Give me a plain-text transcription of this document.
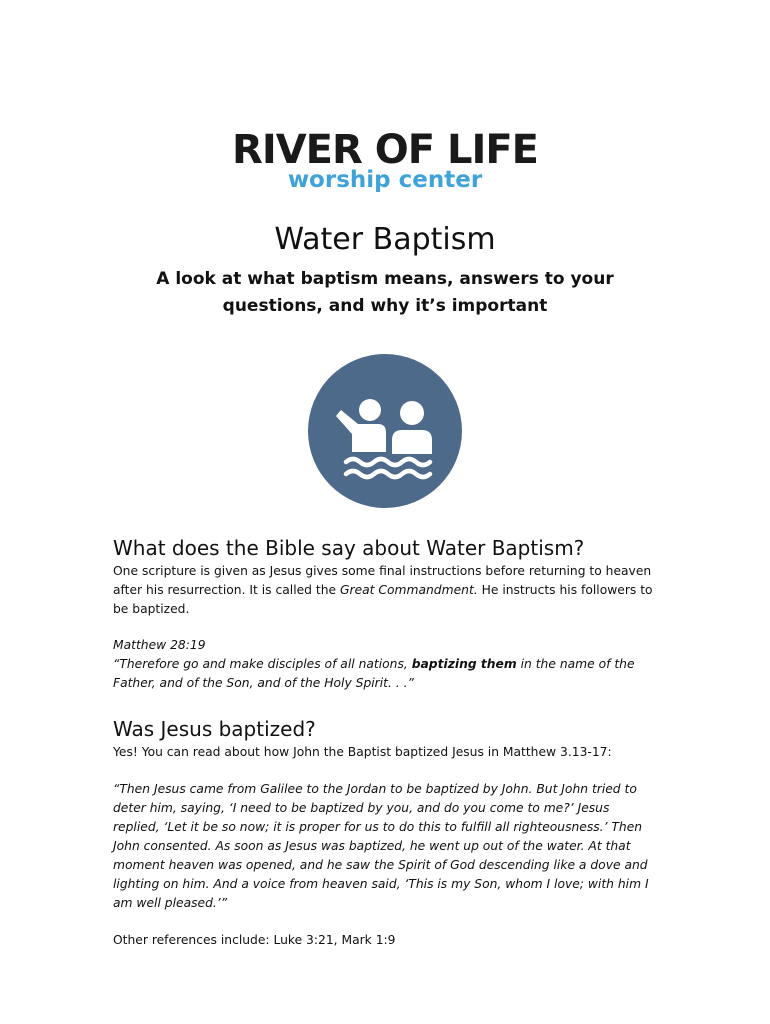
RIVER OF LIFE
worship center
Water Baptism
A look at what baptism means, answers to your questions, and why it’s important
What does the Bible say about Water Baptism?

One scripture is given as Jesus gives some final instructions before returning to heaven after his resurrection. It is called the Great Commandment. He instructs his followers to be baptized.

Matthew 28:19

“Therefore go and make disciples of all nations, baptizing them in the name of the Father, and of the Son, and of the Holy Spirit. . .”

Was Jesus baptized?

Yes! You can read about how John the Baptist baptized Jesus in Matthew 3.13-17:

“Then Jesus came from Galilee to the Jordan to be baptized by John. But John tried to deter him, saying, ‘I need to be baptized by you, and do you come to me?’ Jesus replied, ‘Let it be so now; it is proper for us to do this to fulfill all righteousness.’ Then John consented. As soon as Jesus was baptized, he went up out of the water. At that moment heaven was opened, and he saw the Spirit of God descending like a dove and lighting on him. And a voice from heaven said, ‘This is my Son, whom I love; with him I am well pleased.’”

Other references include: Luke 3:21, Mark 1:9
